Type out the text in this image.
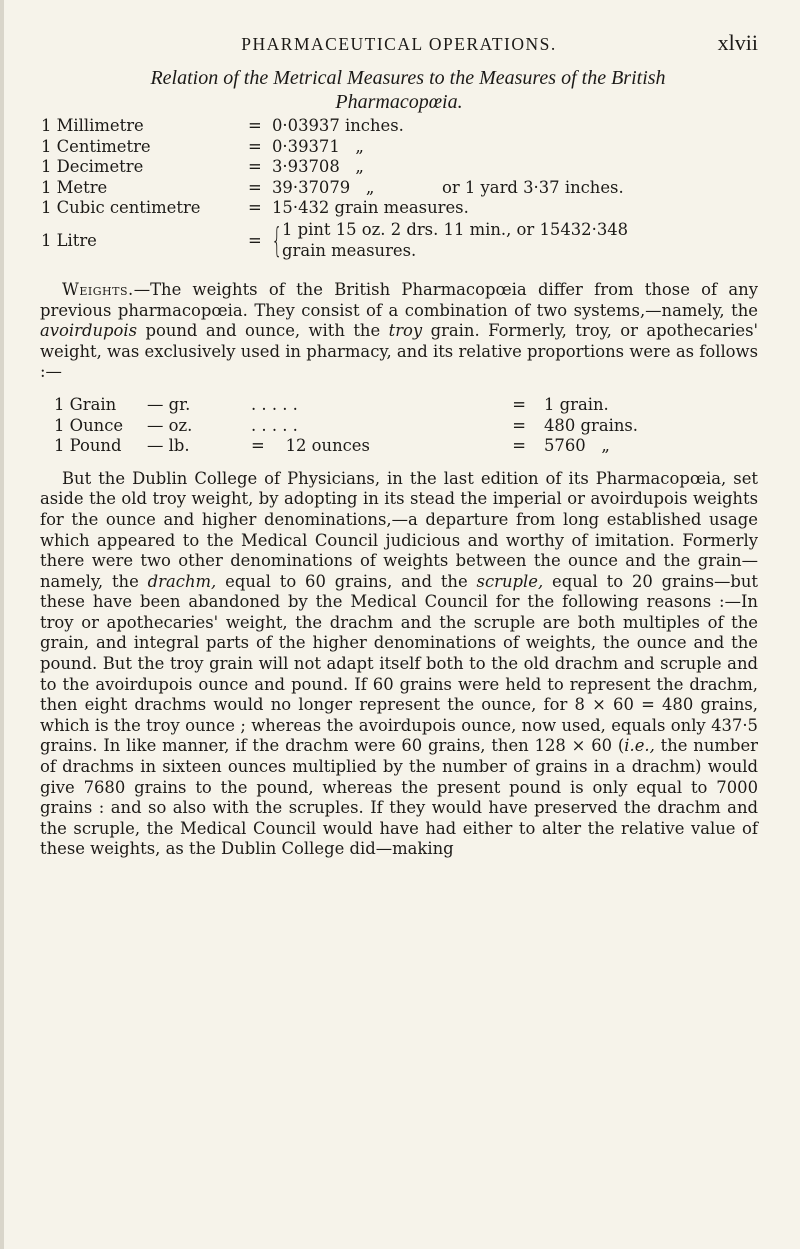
PHARMACEUTICAL OPERATIONS.	xlvii
Relation of the Metrical Measures to the Measures of the British
Pharmacopœia.
1 Millimetre	= 0·03937 inches.
1 Centimetre	= 0·39371   „
1 Decimetre	= 3·93708   „
1 Metre	= 39·37079   „	or 1 yard 3·37 inches.
1 Cubic centimetre	= 15·432 grain measures.
1 Litre	= { 1 pint 15 oz. 2 drs. 11 min., or 15432·348
grain measures.

Weights.—The weights of the British Pharmacopœia differ from those of any previous pharmacopœia. They consist of a combination of two systems,—namely, the avoirdupois pound and ounce, with the troy grain. Formerly, troy, or apothecaries' weight, was exclusively used in pharmacy, and its relative proportions were as follows :—

1 Grain	— gr.	. . . . .	=	1 grain.
1 Ounce	— oz.	. . . . .	=	480 grains.
1 Pound	— lb.	=    12 ounces	=	5760   „

But the Dublin College of Physicians, in the last edition of its Pharmacopœia, set aside the old troy weight, by adopting in its stead the imperial or avoirdupois weights for the ounce and higher denominations,—a departure from long established usage which appeared to the Medical Council judicious and worthy of imitation. Formerly there were two other denominations of weights between the ounce and the grain—namely, the drachm, equal to 60 grains, and the scruple, equal to 20 grains—but these have been abandoned by the Medical Council for the following reasons :—In troy or apothecaries' weight, the drachm and the scruple are both multiples of the grain, and integral parts of the higher denominations of weights, the ounce and the pound. But the troy grain will not adapt itself both to the old drachm and scruple and to the avoirdupois ounce and pound. If 60 grains were held to represent the drachm, then eight drachms would no longer represent the ounce, for 8 × 60 = 480 grains, which is the troy ounce ; whereas the avoirdupois ounce, now used, equals only 437·5 grains. In like manner, if the drachm were 60 grains, then 128 × 60 (i.e., the number of drachms in sixteen ounces multiplied by the number of grains in a drachm) would give 7680 grains to the pound, whereas the present pound is only equal to 7000 grains : and so also with the scruples. If they would have preserved the drachm and the scruple, the Medical Council would have had either to alter the relative value of these weights, as the Dublin College did—making
